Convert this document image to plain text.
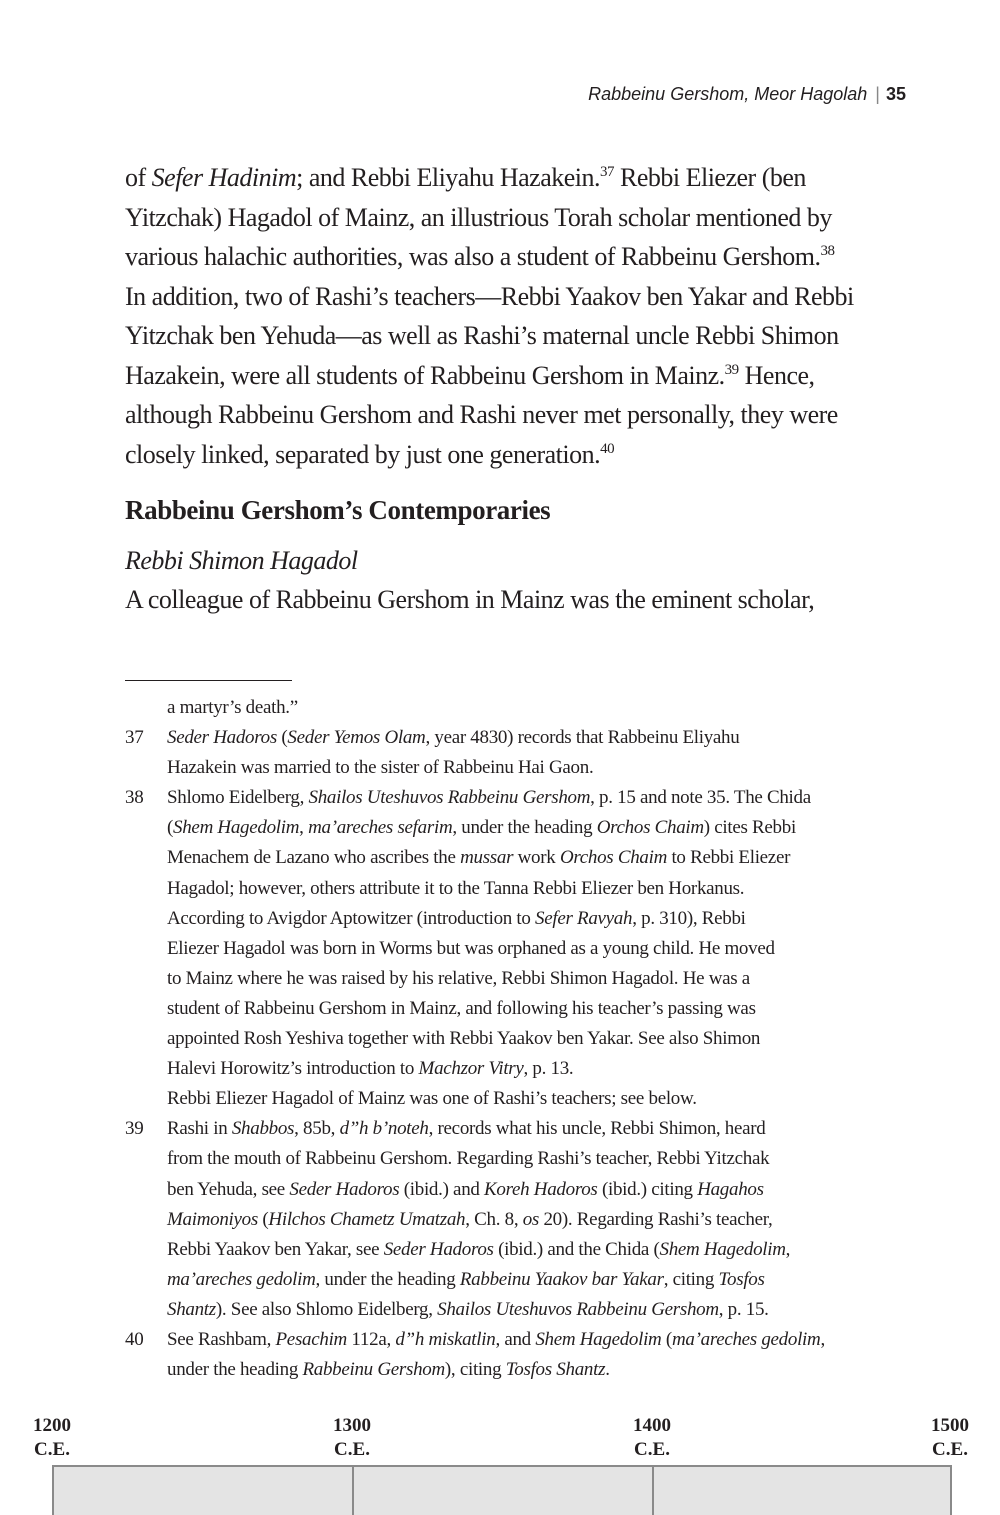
Rabbeinu Gershom, Meor Hagolah | 35
of Sefer Hadinim; and Rebbi Eliyahu Hazakein.$^{37}$ Rebbi Eliezer (ben
Yitzchak) Hagadol of Mainz, an illustrious Torah scholar mentioned by
various halachic authorities, was also a student of Rabbeinu Gershom.$^{38}$
In addition, two of Rashi’s teachers—Rebbi Yaakov ben Yakar and Rebbi
Yitzchak ben Yehuda—as well as Rashi’s maternal uncle Rebbi Shimon
Hazakein, were all students of Rabbeinu Gershom in Mainz.$^{39}$ Hence,
although Rabbeinu Gershom and Rashi never met personally, they were
closely linked, separated by just one generation.$^{40}$
Rabbeinu Gershom’s Contemporaries
Rebbi Shimon Hagadol
A colleague of Rabbeinu Gershom in Mainz was the eminent scholar,
a martyr’s death.”
37 Seder Hadoros (Seder Yemos Olam, year 4830) records that Rabbeinu Eliyahu
Hazakein was married to the sister of Rabbeinu Hai Gaon.
38 Shlomo Eidelberg, Shailos Uteshuvos Rabbeinu Gershom, p. 15 and note 35. The Chida
(Shem Hagedolim, ma’areches sefarim, under the heading Orchos Chaim) cites Rebbi
Menachem de Lazano who ascribes the mussar work Orchos Chaim to Rebbi Eliezer
Hagadol; however, others attribute it to the Tanna Rebbi Eliezer ben Horkanus.
According to Avigdor Aptowitzer (introduction to Sefer Ravyah, p. 310), Rebbi
Eliezer Hagadol was born in Worms but was orphaned as a young child. He moved
to Mainz where he was raised by his relative, Rebbi Shimon Hagadol. He was a
student of Rabbeinu Gershom in Mainz, and following his teacher’s passing was
appointed Rosh Yeshiva together with Rebbi Yaakov ben Yakar. See also Shimon
Halevi Horowitz’s introduction to Machzor Vitry, p. 13.
Rebbi Eliezer Hagadol of Mainz was one of Rashi’s teachers; see below.
39 Rashi in Shabbos, 85b, d”h b’noteh, records what his uncle, Rebbi Shimon, heard
from the mouth of Rabbeinu Gershom. Regarding Rashi’s teacher, Rebbi Yitzchak
ben Yehuda, see Seder Hadoros (ibid.) and Koreh Hadoros (ibid.) citing Hagahos
Maimoniyos (Hilchos Chametz Umatzah, Ch. 8, os 20). Regarding Rashi’s teacher,
Rebbi Yaakov ben Yakar, see Seder Hadoros (ibid.) and the Chida (Shem Hagedolim,
ma’areches gedolim, under the heading Rabbeinu Yaakov bar Yakar, citing Tosfos
Shantz). See also Shlomo Eidelberg, Shailos Uteshuvos Rabbeinu Gershom, p. 15.
40 See Rashbam, Pesachim 112a, d”h miskatlin, and Shem Hagedolim (ma’areches gedolim,
under the heading Rabbeinu Gershom), citing Tosfos Shantz.
1200
C.E.
1300
C.E.
1400
C.E.
1500
C.E.
